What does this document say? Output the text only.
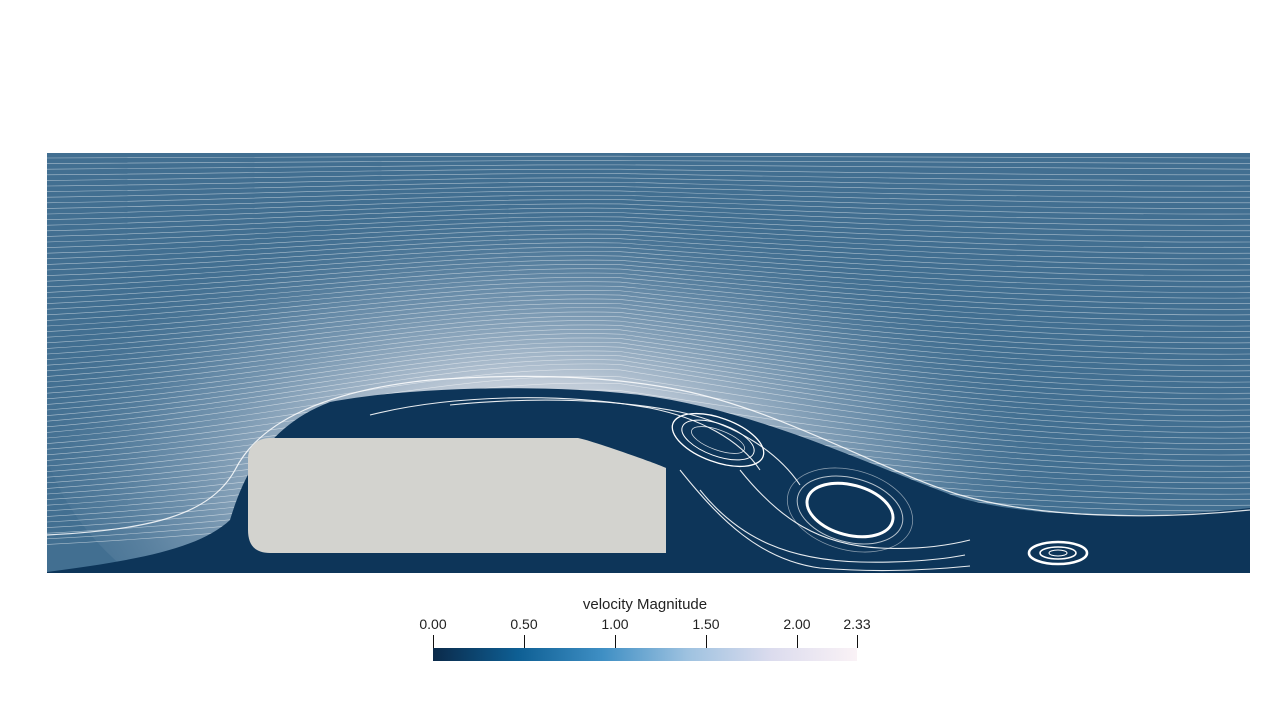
velocity Magnitude
0.00	0.50	1.00	1.50	2.00 2.33
